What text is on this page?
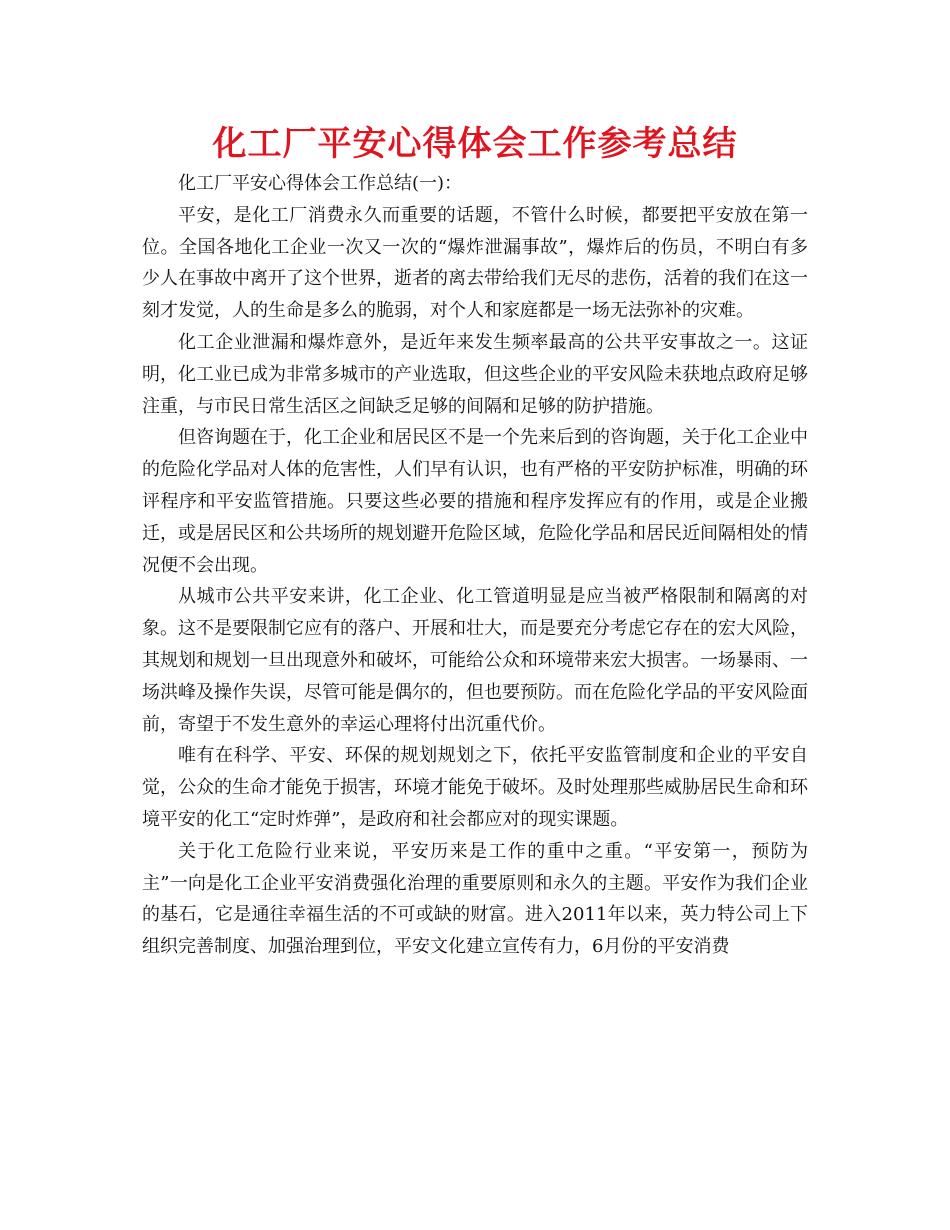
化工厂平安心得体会工作参考总结

化工厂平安心得体会工作总结(一)：

平安，是化工厂消费永久而重要的话题，不管什么时候，都要把平安放在第一位。全国各地化工企业一次又一次的“爆炸泄漏事故”，爆炸后的伤员，不明白有多少人在事故中离开了这个世界，逝者的离去带给我们无尽的悲伤，活着的我们在这一刻才发觉，人的生命是多么的脆弱，对个人和家庭都是一场无法弥补的灾难。

化工企业泄漏和爆炸意外，是近年来发生频率最高的公共平安事故之一。这证明，化工业已成为非常多城市的产业选取，但这些企业的平安风险未获地点政府足够注重，与市民日常生活区之间缺乏足够的间隔和足够的防护措施。

但咨询题在于，化工企业和居民区不是一个先来后到的咨询题，关于化工企业中的危险化学品对人体的危害性，人们早有认识，也有严格的平安防护标准，明确的环评程序和平安监管措施。只要这些必要的措施和程序发挥应有的作用，或是企业搬迁，或是居民区和公共场所的规划避开危险区域，危险化学品和居民近间隔相处的情况便不会出现。

从城市公共平安来讲，化工企业、化工管道明显是应当被严格限制和隔离的对象。这不是要限制它应有的落户、开展和壮大，而是要充分考虑它存在的宏大风险，其规划和规划一旦出现意外和破坏，可能给公众和环境带来宏大损害。一场暴雨、一场洪峰及操作失误，尽管可能是偶尔的，但也要预防。而在危险化学品的平安风险面前，寄望于不发生意外的幸运心理将付出沉重代价。

唯有在科学、平安、环保的规划规划之下，依托平安监管制度和企业的平安自觉，公众的生命才能免于损害，环境才能免于破坏。及时处理那些威胁居民生命和环境平安的化工“定时炸弹”，是政府和社会都应对的现实课题。

关于化工危险行业来说，平安历来是工作的重中之重。“平安第一，预防为主”一向是化工企业平安消费强化治理的重要原则和永久的主题。平安作为我们企业的基石，它是通往幸福生活的不可或缺的财富。进入2011年以来，英力特公司上下组织完善制度、加强治理到位，平安文化建立宣传有力，6月份的平安消费
